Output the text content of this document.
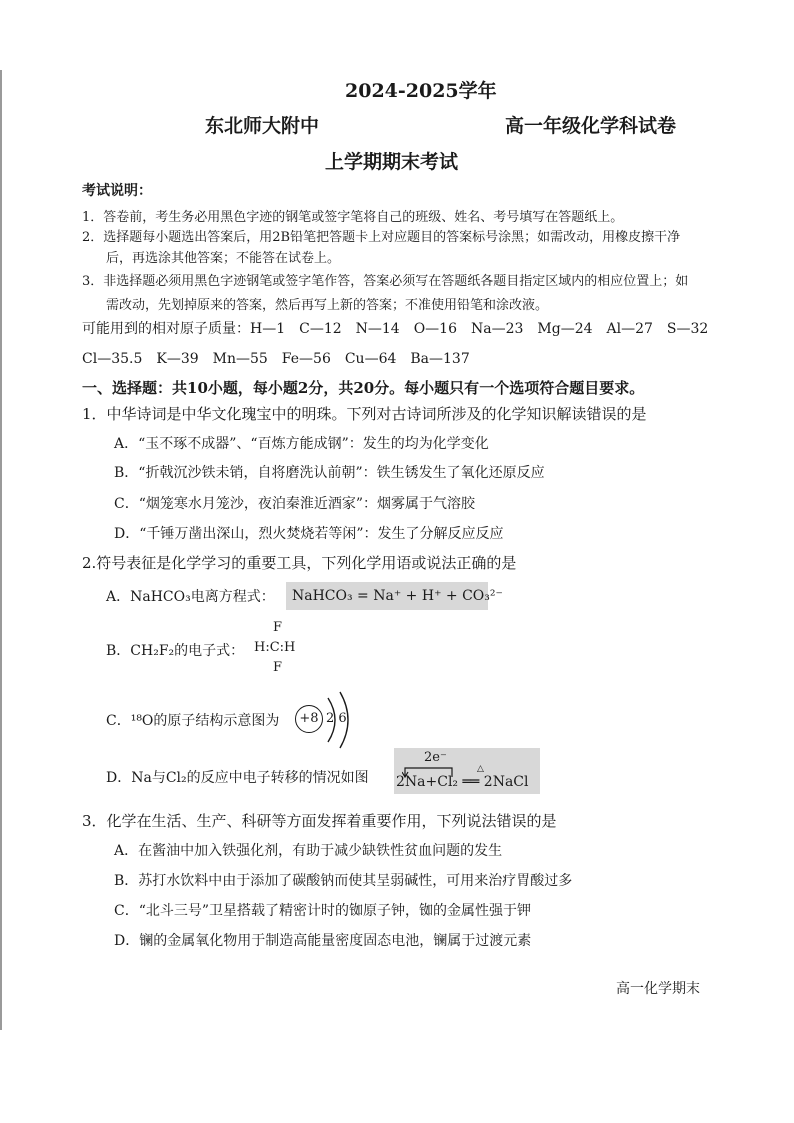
2024-2025学年
东北师大附中	高一年级化学科试卷
上学期期末考试
考试说明：
1．答卷前，考生务必用黑色字迹的钢笔或签字笔将自己的班级、姓名、考号填写在答题纸上。
2．选择题每小题选出答案后，用2B铅笔把答题卡上对应题目的答案标号涂黑；如需改动，用橡皮擦干净
后，再选涂其他答案；不能答在试卷上。
3．非选择题必须用黑色字迹钢笔或签字笔作答，答案必须写在答题纸各题目指定区域内的相应位置上；如
需改动，先划掉原来的答案，然后再写上新的答案；不准使用铅笔和涂改液。
可能用到的相对原子质量：H—1　C—12　N—14　O—16　Na—23　Mg—24　Al—27　S—32
Cl—35.5　K—39　Mn—55　Fe—56　Cu—64　Ba—137
一、选择题：共10小题，每小题2分，共20分。每小题只有一个选项符合题目要求。
1．中华诗词是中华文化瑰宝中的明珠。下列对古诗词所涉及的化学知识解读错误的是
A．“玉不琢不成器”、“百炼方能成钢”：发生的均为化学变化
B．“折戟沉沙铁未销，自将磨洗认前朝”：铁生锈发生了氧化还原反应
C．“烟笼寒水月笼沙，夜泊秦淮近酒家”：烟雾属于气溶胶
D．“千锤万凿出深山，烈火焚烧若等闲”：发生了分解反应反应
2.符号表征是化学学习的重要工具，下列化学用语或说法正确的是
A．NaHCO₃电离方程式：	NaHCO₃ = Na⁺ + H⁺ + CO₃²⁻
B．CH₂F₂的电子式：
F
H:C:H
F
C．¹⁸O的原子结构示意图为	+8 2 6
D．Na与Cl₂的反应中电子转移的情况如图
2e⁻
△
2Na+Cl₂ ══ 2NaCl
3．化学在生活、生产、科研等方面发挥着重要作用，下列说法错误的是
A．在酱油中加入铁强化剂，有助于减少缺铁性贫血问题的发生
B．苏打水饮料中由于添加了碳酸钠而使其呈弱碱性，可用来治疗胃酸过多
C．“北斗三号”卫星搭载了精密计时的铷原子钟，铷的金属性强于钾
D．镧的金属氧化物用于制造高能量密度固态电池，镧属于过渡元素
高一化学期末
